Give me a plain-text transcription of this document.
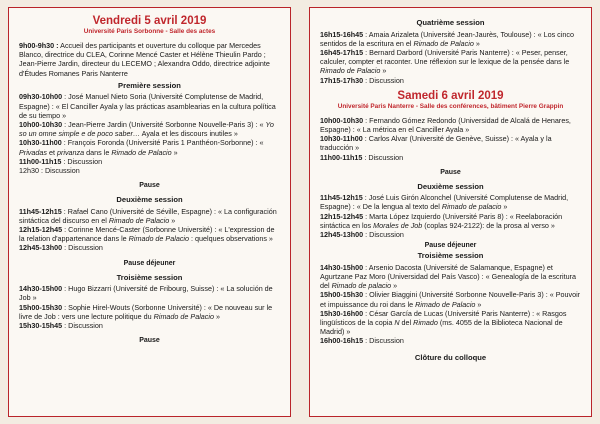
Vendredi 5 avril 2019
Université Paris Sorbonne - Salle des actes
9h00-9h30 : Accueil des participants et ouverture du colloque par Mercedes Blanco, directrice du CLEA, Corinne Mencé Caster et Hélène Thieulin Pardo ; Jean-Pierre Jardin, directeur du LECEMO ; Alexandra Oddo, directrice adjointe d'Études Romanes Paris Nanterre
Première session
09h30-10h00 : José Manuel Nieto Soria (Université Complutense de Madrid, Espagne) : « El Canciller Ayala y las prácticas asamblearias en la cultura política de su tiempo »
10h00-10h30 : Jean-Pierre Jardin (Université Sorbonne Nouvelle-Paris 3) : « Yo so un omne simple e de poco saber… Ayala et les discours inutiles »
10h30-11h00 : François Foronda (Université Paris 1 Panthéon-Sorbonne) : « Privadas et privanza dans le Rimado de Palacio »
11h00-11h15 : Discussion
12h30 : Discussion
Pause
Deuxième session
11h45-12h15 : Rafael Cano (Université de Séville, Espagne) : « La configuración sintáctica del discurso en el Rimado de Palacio »
12h15-12h45 : Corinne Mencé-Caster (Sorbonne Université) : « L'expression de la relation d'appartenance dans le Rimado de Palacio : quelques observations »
12h45-13h00 : Discussion
Pause déjeuner
Troisième session
14h30-15h00 : Hugo Bizzarri (Université de Fribourg, Suisse) : « La solución de Job »
15h00-15h30 : Sophie Hirel-Wouts (Sorbonne Université) : « De nouveau sur le livre de Job : vers une lecture politique du Rimado de Palacio »
15h30-15h45 : Discussion
Pause
Quatrième session
16h15-16h45 : Amaia Arizaleta (Université Jean-Jaurès, Toulouse) : « Los cinco sentidos de la escritura en el Rimado de Palacio »
16h45-17h15 : Bernard Darbord (Université Paris Nanterre) : « Peser, penser, calculer, compter et raconter. Une réflexion sur le lexique de la pensée dans le Rimado de Palacio »
17h15-17h30 : Discussion
Samedi 6 avril 2019
Université Paris Nanterre - Salle des conférences, bâtiment Pierre Grappin
10h00-10h30 : Fernando Gómez Redondo (Universidad de Alcalá de Henares, Espagne) : « La métrica en el Canciller Ayala »
10h30-11h00 : Carlos Alvar (Université de Genève, Suisse) : « Ayala y la traducción »
11h00-11h15 : Discussion
Pause
Deuxième session
11h45-12h15 : José Luis Girón Alconchel (Université Complutense de Madrid, Espagne) : « De la lengua al texto del Rimado de palacio »
12h15-12h45 : Marta López Izquierdo (Université Paris 8) : « Reelaboración sintáctica en los Morales de Job (coplas 924-2122): de la prosa al verso »
12h45-13h00 : Discussion
Pause déjeuner
Troisième session
14h30-15h00 : Arsenio Dacosta (Université de Salamanque, Espagne) et Agurtzane Paz Moro (Universidad del País Vasco) : « Genealogía de la escritura del Rimado de palacio »
15h00-15h30 : Olivier Biaggini (Université Sorbonne Nouvelle-Paris 3) : « Pouvoir et impuissance du roi dans le Rimado de Palacio »
15h30-16h00 : César García de Lucas (Université Paris Nanterre) : « Rasgos lingüísticos de la copia N del Rimado (ms. 4055 de la Biblioteca Nacional de Madrid) »
16h00-16h15 : Discussion
Clôture du colloque
